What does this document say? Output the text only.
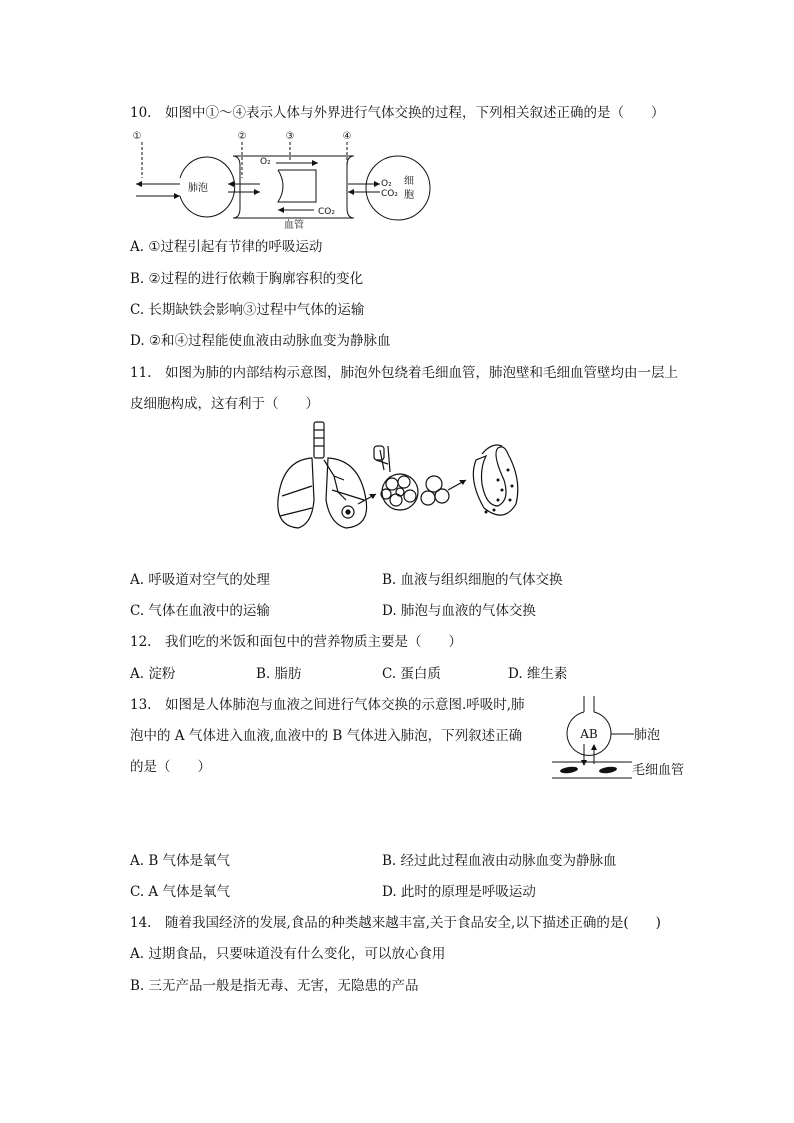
10.　如图中①～④表示人体与外界进行气体交换的过程，下列相关叙述正确的是（　　）
①	②	③	④
肺泡
O₂
CO₂
血管
O₂
CO₂
细 胞
A. ①过程引起有节律的呼吸运动
B. ②过程的进行依赖于胸廓容积的变化
C. 长期缺铁会影响③过程中气体的运输
D. ②和④过程能使血液由动脉血变为静脉血
11.　如图为肺的内部结构示意图，肺泡外包绕着毛细血管，肺泡壁和毛细血管壁均由一层上
皮细胞构成，这有利于（　　）
A. 呼吸道对空气的处理	B. 血液与组织细胞的气体交换
C. 气体在血液中的运输	D. 肺泡与血液的气体交换
12.　我们吃的米饭和面包中的营养物质主要是（　　）
A. 淀粉	B. 脂肪	C. 蛋白质	D. 维生素
13.　如图是人体肺泡与血液之间进行气体交换的示意图.呼吸时,肺
泡中的 A 气体进入血液,血液中的 B 气体进入肺泡，下列叙述正确
的是（　　）
AB	肺泡
毛细血管
A. B 气体是氧气	B. 经过此过程血液由动脉血变为静脉血
C. A 气体是氧气	D. 此时的原理是呼吸运动
14.　随着我国经济的发展,食品的种类越来越丰富,关于食品安全,以下描述正确的是(　　)
A. 过期食品，只要味道没有什么变化，可以放心食用
B. 三无产品一般是指无毒、无害，无隐患的产品
